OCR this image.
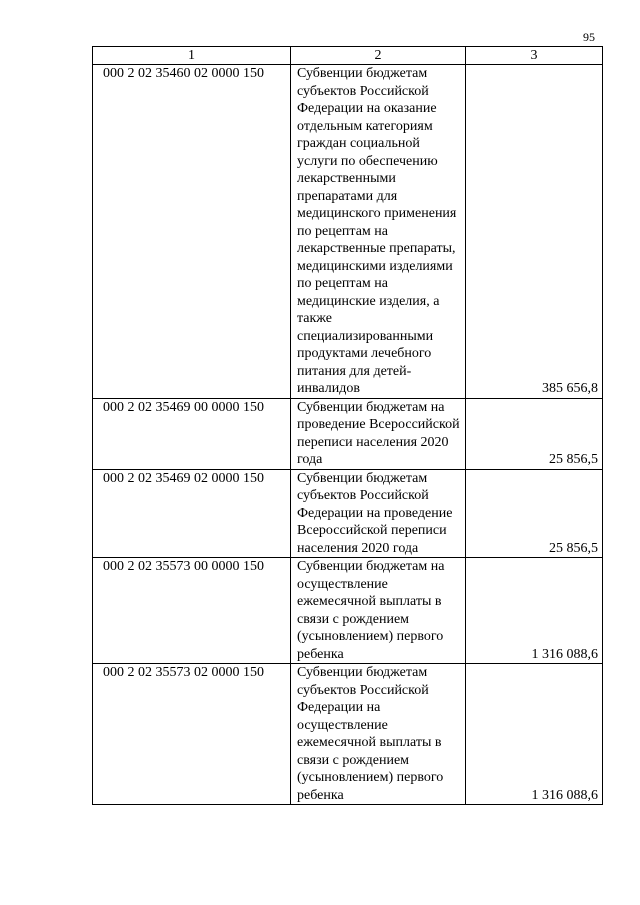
95
1	2	3
000 2 02 35460 02 0000 150	Субвенции бюджетам субъектов Российской Федерации на оказание отдельным категориям граждан социальной услуги по обеспечению лекарственными препаратами для медицинского применения по рецептам на лекарственные препараты, медицинскими изделиями по рецептам на медицинские изделия, а также специализированными продуктами лечебного питания для детей-инвалидов	385 656,8
000 2 02 35469 00 0000 150	Субвенции бюджетам на проведение Всероссийской переписи населения 2020 года	25 856,5
000 2 02 35469 02 0000 150	Субвенции бюджетам субъектов Российской Федерации на проведение Всероссийской переписи населения 2020 года	25 856,5
000 2 02 35573 00 0000 150	Субвенции бюджетам на осуществление ежемесячной выплаты в связи с рождением (усыновлением) первого ребенка	1 316 088,6
000 2 02 35573 02 0000 150	Субвенции бюджетам субъектов Российской Федерации на осуществление ежемесячной выплаты в связи с рождением (усыновлением) первого ребенка	1 316 088,6
